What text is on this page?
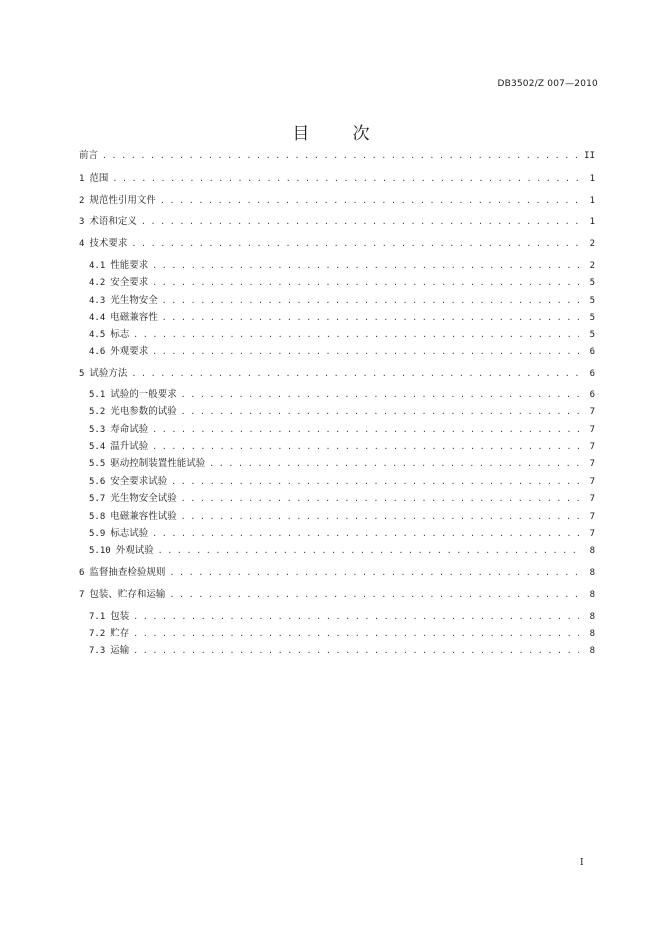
DB3502/Z 007—2010
目	次
前言 . . .	II
1 范围 . . .	1
2 规范性引用文件 . . .	1
3 术语和定义 . . .	1
4 技术要求 . . .	2
4.1 性能要求 . . .	2
4.2 安全要求 . . .	5
4.3 光生物安全 . . .	5
4.4 电磁兼容性 . . .	5
4.5 标志 . . .	5
4.6 外观要求 . . .	6
5 试验方法 . . .	6
5.1 试验的一般要求 . . .	6
5.2 光电参数的试验 . . .	7
5.3 寿命试验 . . .	7
5.4 温升试验 . . .	7
5.5 驱动控制装置性能试验 . . .	7
5.6 安全要求试验 . . .	7
5.7 光生物安全试验 . . .	7
5.8 电磁兼容性试验 . . .	7
5.9 标志试验 . . .	7
5.10 外观试验 . . .	8
6 监督抽查检验规则 . . .	8
7 包装、贮存和运输 . . .	8
7.1 包装 . . .	8
7.2 贮存 . . .	8
7.3 运输 . . .	8
I
